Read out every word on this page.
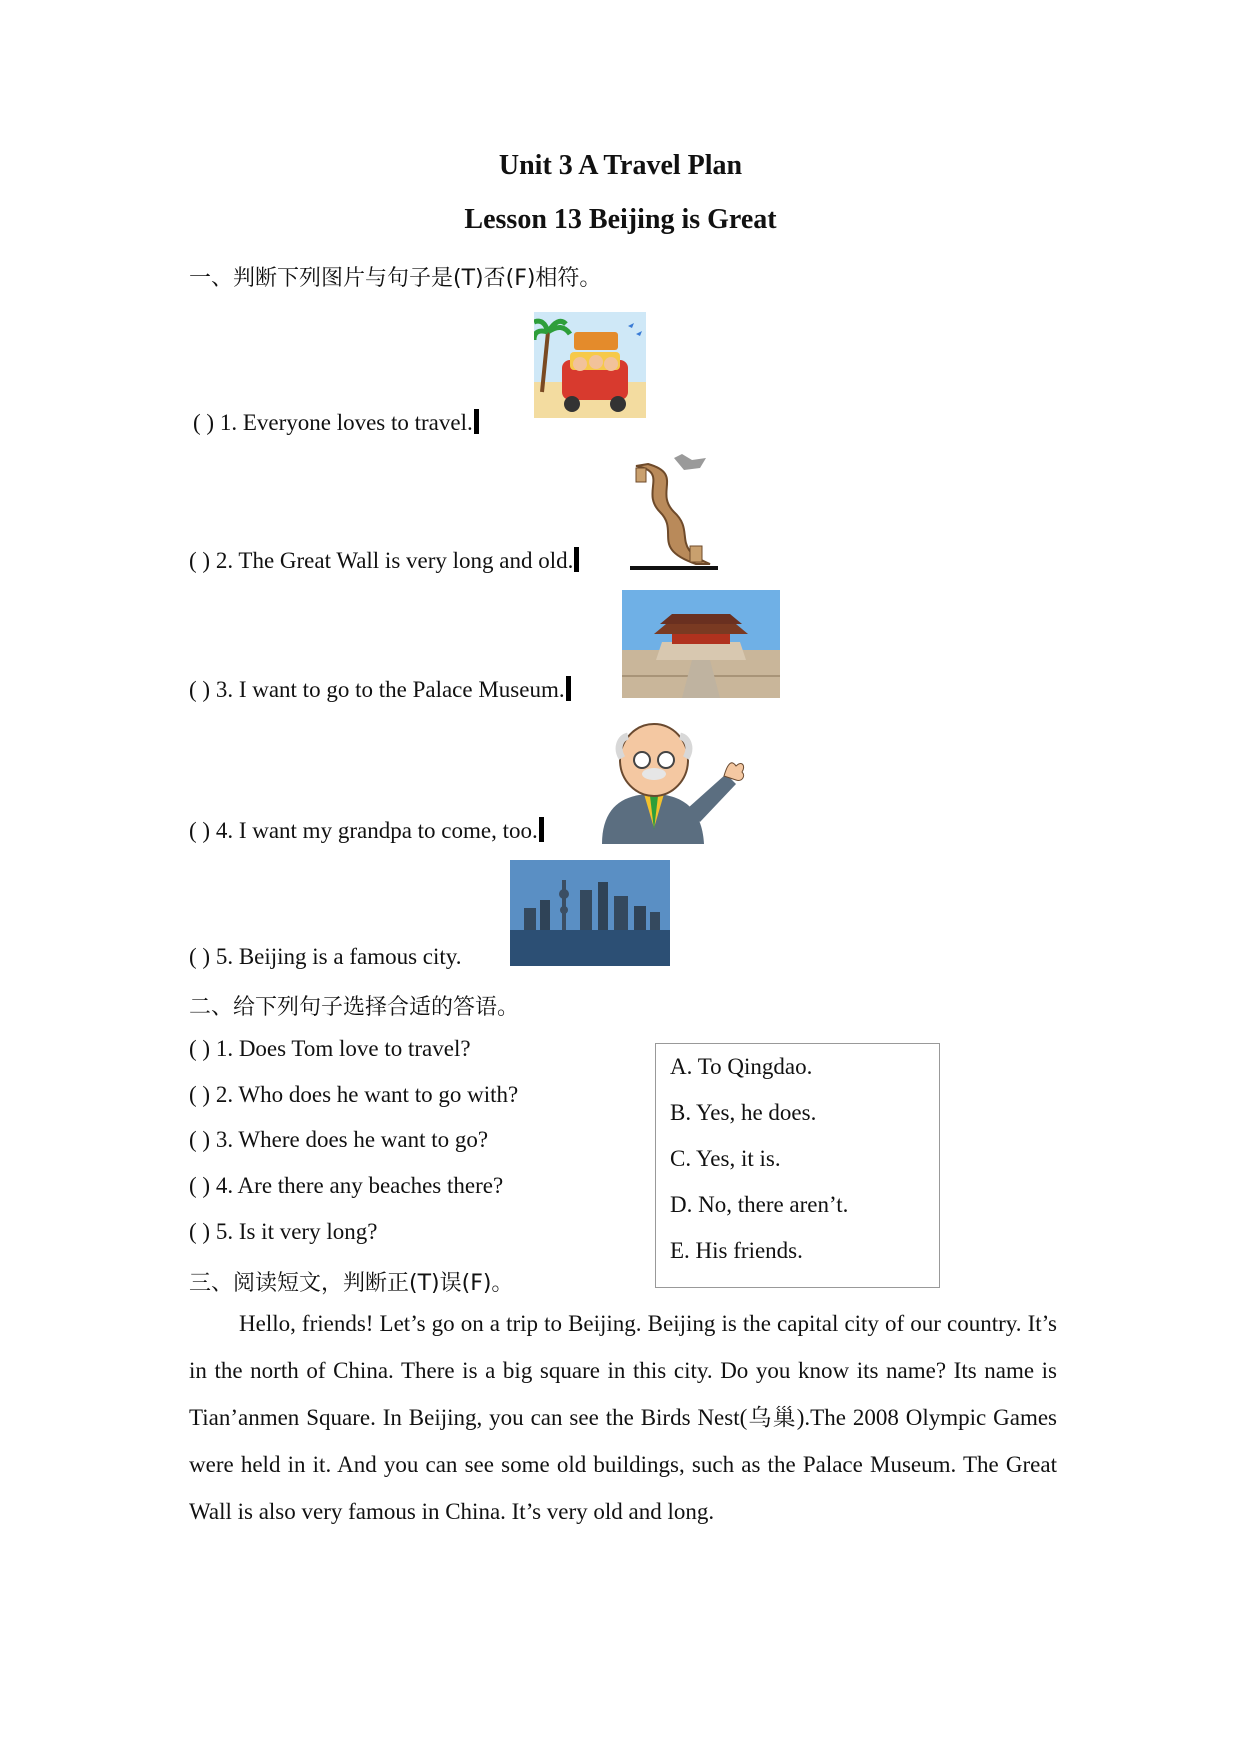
Unit 3 A Travel Plan
Lesson 13 Beijing is Great
一、判断下列图片与句子是(T)否(F)相符。
( ) 1. Everyone loves to travel.
( ) 2. The Great Wall is very long and old.
( ) 3. I want to go to the Palace Museum.
( ) 4. I want my grandpa to come, too.
( ) 5. Beijing is a famous city.
二、给下列句子选择合适的答语。
( ) 1. Does Tom love to travel?
( ) 2. Who does he want to go with?
( ) 3. Where does he want to go?
( ) 4. Are there any beaches there?
( ) 5. Is it very long?
A. To Qingdao.
B. Yes, he does.
C. Yes, it is.
D. No, there aren’t.
E. His friends.
三、阅读短文，判断正(T)误(F)。

Hello, friends! Let’s go on a trip to Beijing. Beijing is the capital city of our country. It’s in the north of China. There is a big square in this city. Do you know its name? Its name is Tian’anmen Square. In Beijing, you can see the Birds Nest(乌巢).The 2008 Olympic Games were held in it. And you can see some old buildings, such as the Palace Museum. The Great Wall is also very famous in China. It’s very old and long.
